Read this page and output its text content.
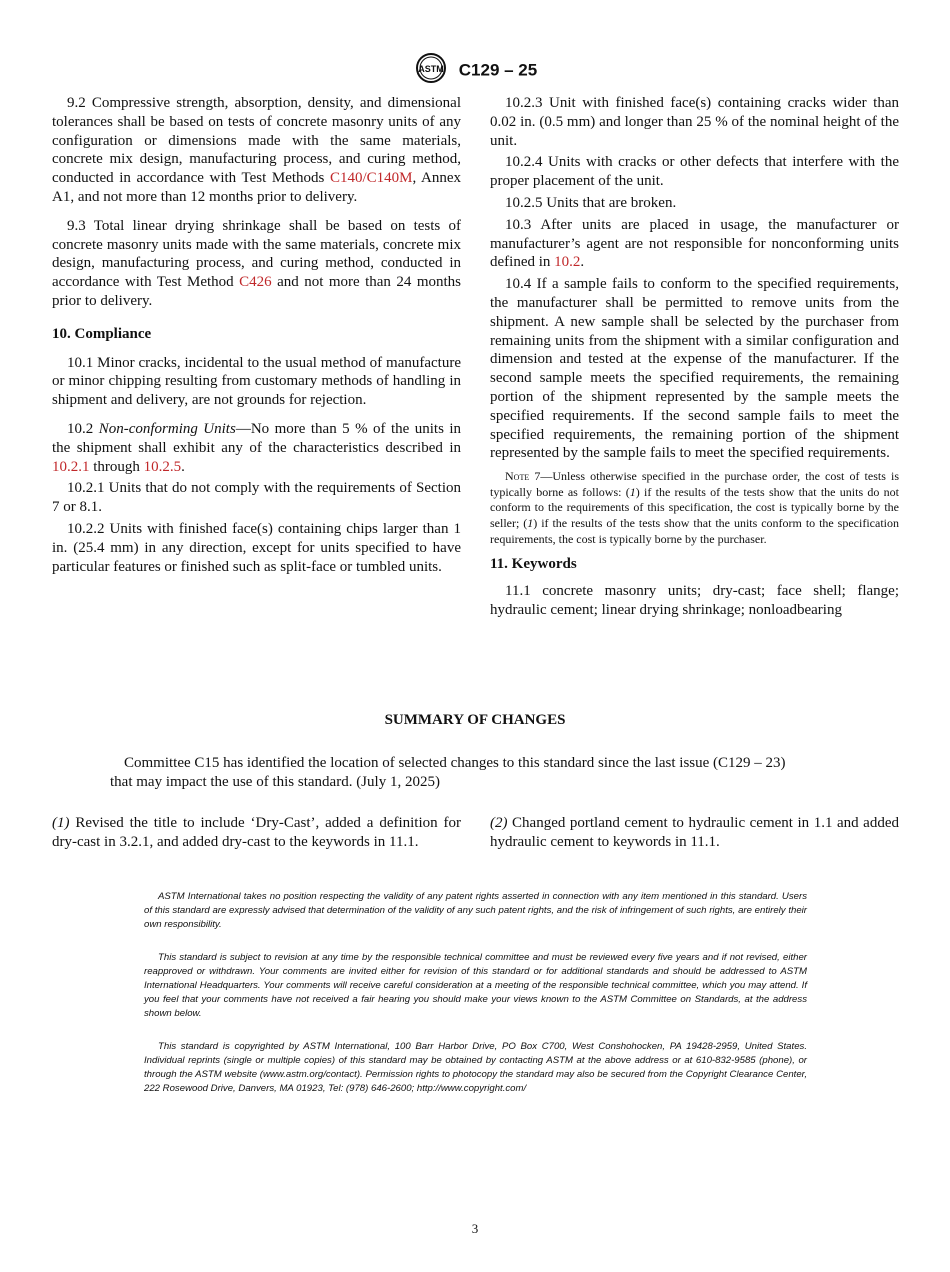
ASTM C129 – 25

9.2 Compressive strength, absorption, density, and dimensional tolerances shall be based on tests of concrete masonry units of any configuration or dimensions made with the same materials, concrete mix design, manufacturing process, and curing method, conducted in accordance with Test Methods C140/C140M, Annex A1, and not more than 12 months prior to delivery.

9.3 Total linear drying shrinkage shall be based on tests of concrete masonry units made with the same materials, concrete mix design, manufacturing process, and curing method, conducted in accordance with Test Method C426 and not more than 24 months prior to delivery.

10. Compliance

10.1 Minor cracks, incidental to the usual method of manufacture or minor chipping resulting from customary methods of handling in shipment and delivery, are not grounds for rejection.

10.2 Non-conforming Units—No more than 5 % of the units in the shipment shall exhibit any of the characteristics described in 10.2.1 through 10.2.5.

10.2.1 Units that do not comply with the requirements of Section 7 or 8.1.

10.2.2 Units with finished face(s) containing chips larger than 1 in. (25.4 mm) in any direction, except for units specified to have particular features or finished such as split-face or tumbled units.

10.2.3 Unit with finished face(s) containing cracks wider than 0.02 in. (0.5 mm) and longer than 25 % of the nominal height of the unit.

10.2.4 Units with cracks or other defects that interfere with the proper placement of the unit.

10.2.5 Units that are broken.

10.3 After units are placed in usage, the manufacturer or manufacturer’s agent are not responsible for nonconforming units defined in 10.2.

10.4 If a sample fails to conform to the specified requirements, the manufacturer shall be permitted to remove units from the shipment. A new sample shall be selected by the purchaser from remaining units from the shipment with a similar configuration and dimension and tested at the expense of the manufacturer. If the second sample meets the specified requirements, the remaining portion of the shipment represented by the sample meets the specified requirements. If the second sample fails to meet the specified requirements, the remaining portion of the shipment represented by the sample fails to meet the specified requirements.

Note 7—Unless otherwise specified in the purchase order, the cost of tests is typically borne as follows: (1) if the results of the tests show that the units do not conform to the requirements of this specification, the cost is typically borne by the seller; (1) if the results of the tests show that the units conform to the specification requirements, the cost is typically borne by the purchaser.
11. Keywords

11.1 concrete masonry units; dry-cast; face shell; flange; hydraulic cement; linear drying shrinkage; nonloadbearing

SUMMARY OF CHANGES
Committee C15 has identified the location of selected changes to this standard since the last issue (C129 – 23)
that may impact the use of this standard. (July 1, 2025)
(1) Revised the title to include ‘Dry-Cast’, added a definition for dry-cast in 3.2.1, and added dry-cast to the keywords in 11.1.
(2) Changed portland cement to hydraulic cement in 1.1 and added hydraulic cement to keywords in 11.1.

ASTM International takes no position respecting the validity of any patent rights asserted in connection with any item mentioned in this standard. Users of this standard are expressly advised that determination of the validity of any such patent rights, and the risk of infringement of such rights, are entirely their own responsibility.

This standard is subject to revision at any time by the responsible technical committee and must be reviewed every five years and if not revised, either reapproved or withdrawn. Your comments are invited either for revision of this standard or for additional standards and should be addressed to ASTM International Headquarters. Your comments will receive careful consideration at a meeting of the responsible technical committee, which you may attend. If you feel that your comments have not received a fair hearing you should make your views known to the ASTM Committee on Standards, at the address shown below.

This standard is copyrighted by ASTM International, 100 Barr Harbor Drive, PO Box C700, West Conshohocken, PA 19428-2959, United States. Individual reprints (single or multiple copies) of this standard may be obtained by contacting ASTM at the above address or at 610-832-9585 (phone), or through the ASTM website (www.astm.org/contact). Permission rights to photocopy the standard may also be secured from the Copyright Clearance Center, 222 Rosewood Drive, Danvers, MA 01923, Tel: (978) 646-2600; http://www.copyright.com/

3
